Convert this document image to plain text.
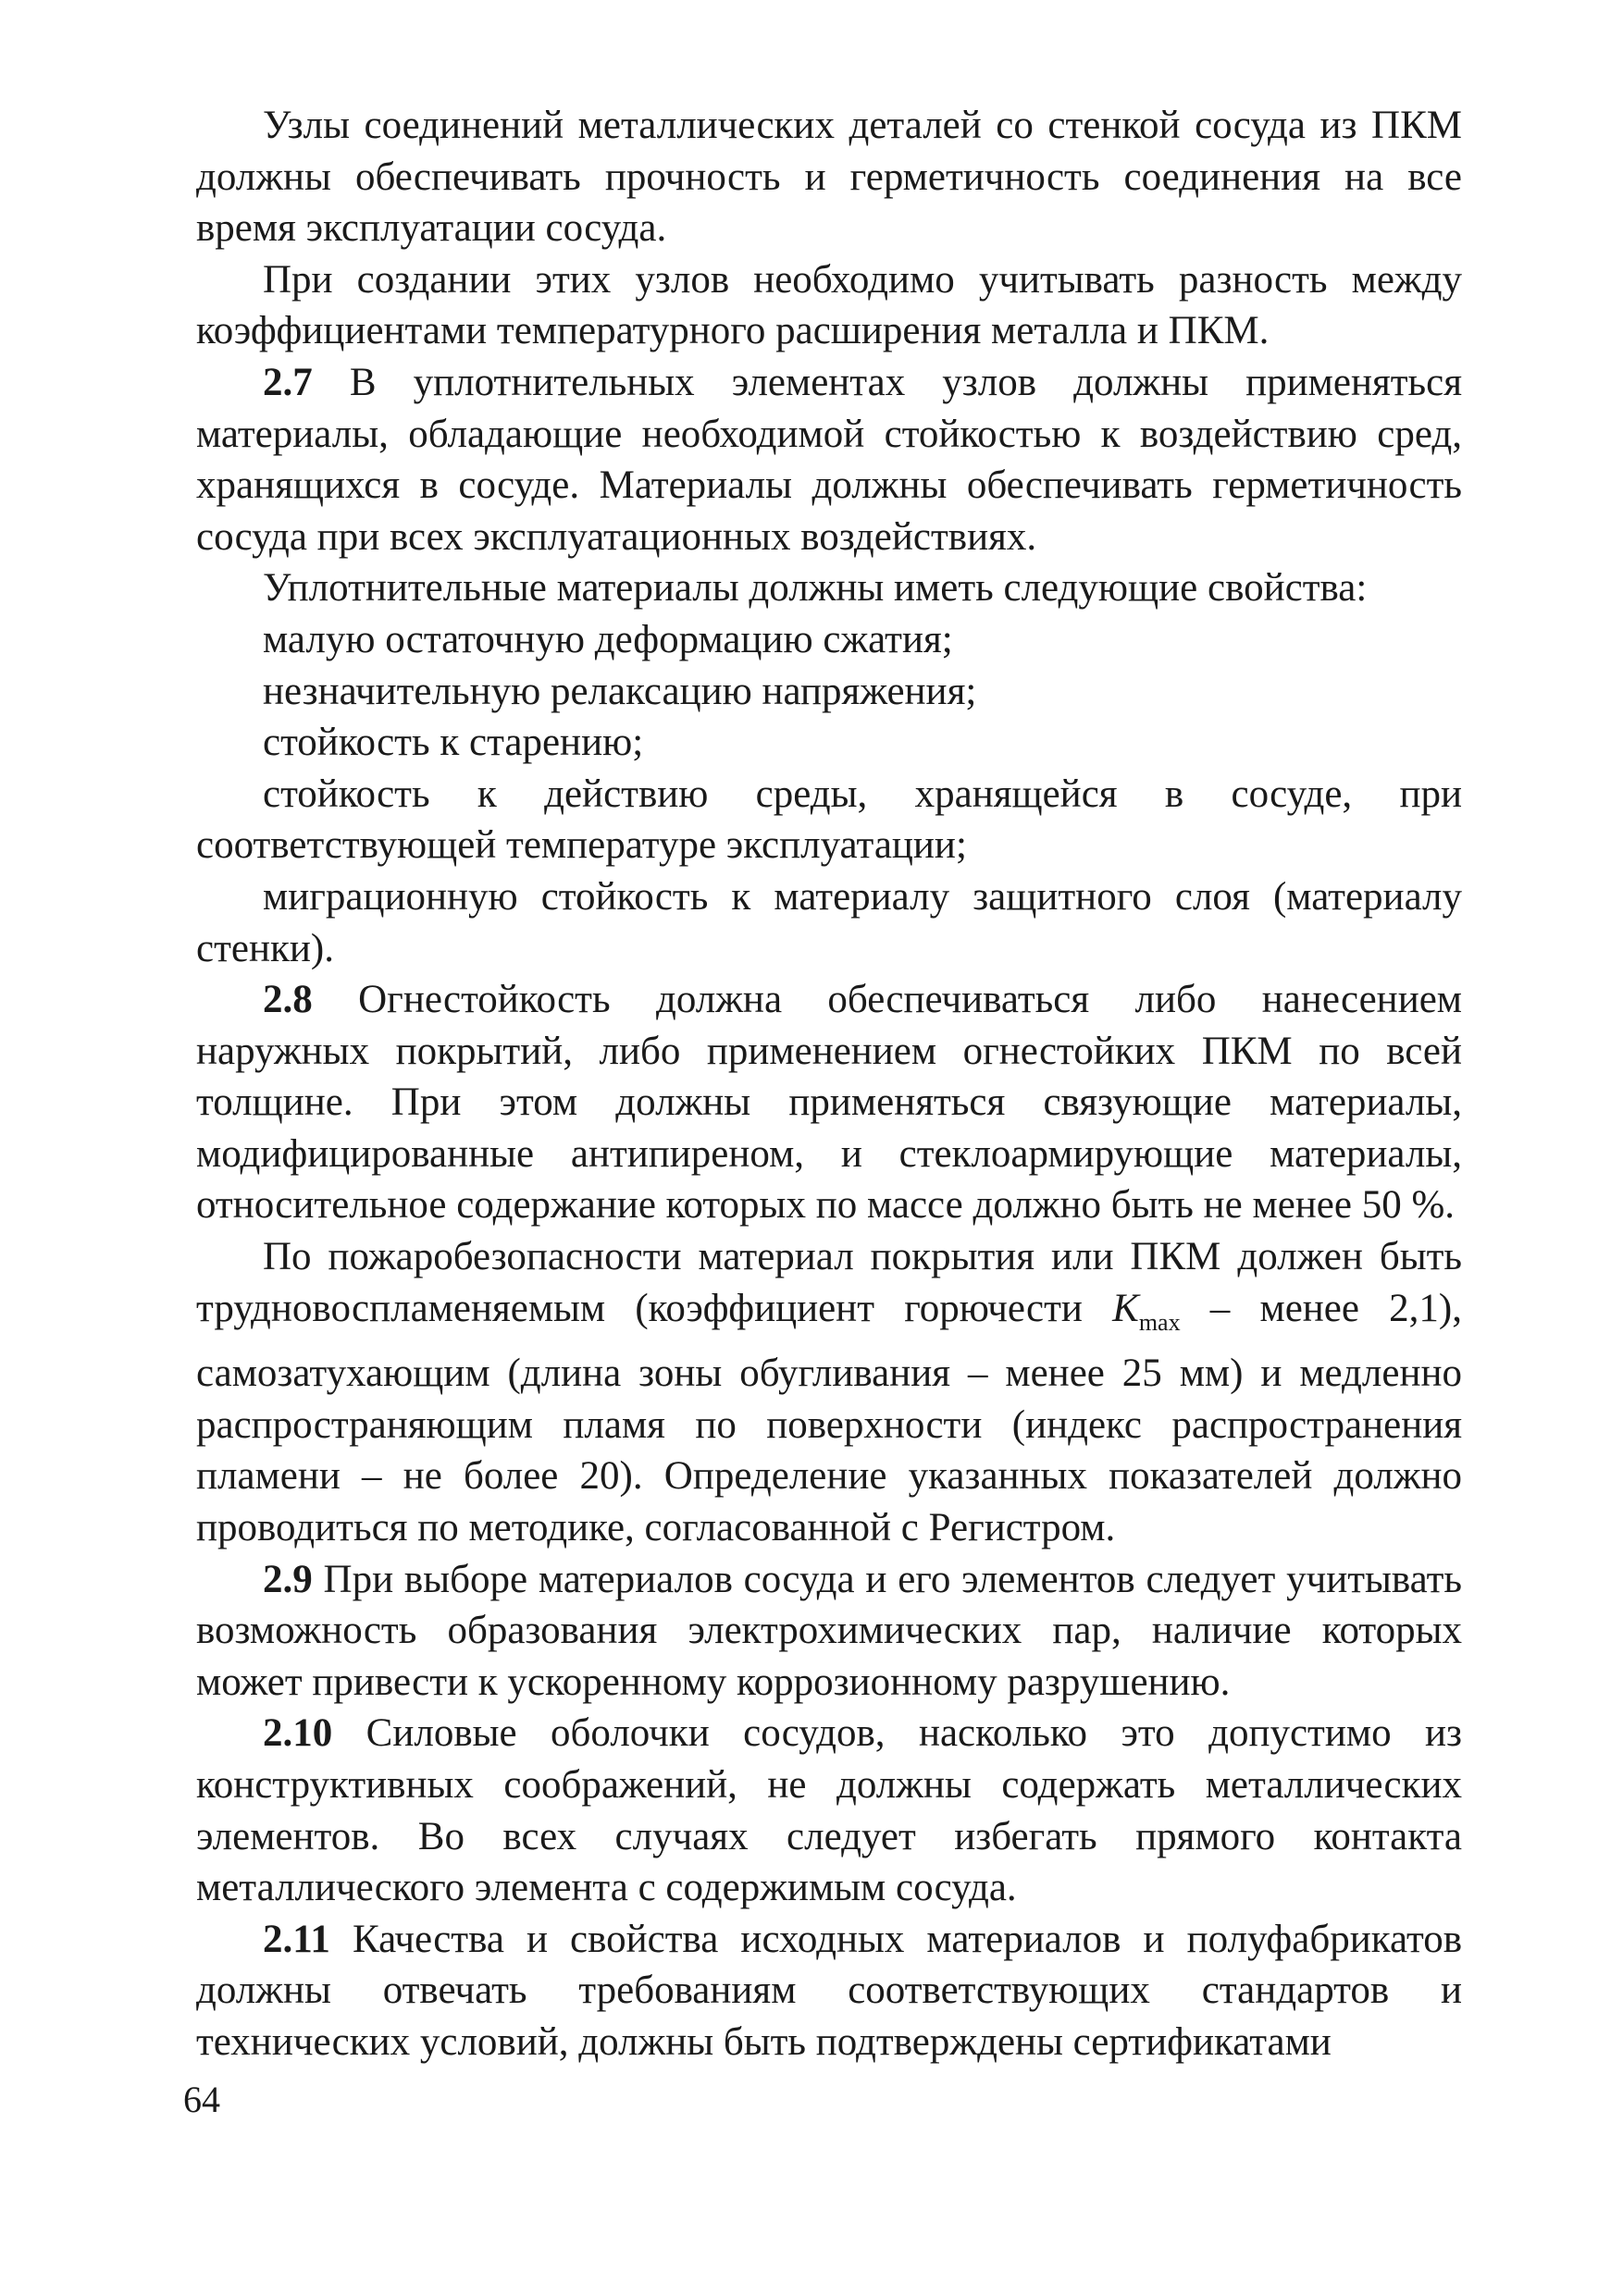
Узлы соединений металлических деталей со стенкой сосуда из ПКМ должны обеспечивать прочность и герметичность соединения на все время эксплуатации сосуда.

При создании этих узлов необходимо учитывать разность между коэффициентами температурного расширения металла и ПКМ.

2.7 В уплотнительных элементах узлов должны применяться материалы, обладающие необходимой стойкостью к воздействию сред, хранящихся в сосуде. Материалы должны обеспечивать герметичность сосуда при всех эксплуатационных воздействиях.

Уплотнительные материалы должны иметь следующие свойства:

малую остаточную деформацию сжатия;

незначительную релаксацию напряжения;

стойкость к старению;

стойкость к действию среды, хранящейся в сосуде, при соответствующей температуре эксплуатации;

миграционную стойкость к материалу защитного слоя (материалу стенки).

2.8 Огнестойкость должна обеспечиваться либо нанесением наружных покрытий, либо применением огнестойких ПКМ по всей толщине. При этом должны применяться связующие материалы, модифицированные антипиреном, и стеклоармирующие материалы, относительное содержание которых по массе должно быть не менее 50 %.

По пожаробезопасности материал покрытия или ПКМ должен быть трудновоспламеняемым (коэффициент горючести $K_{max}$ – менее 2,1), самозатухающим (длина зоны обугливания – менее 25 мм) и медленно распространяющим пламя по поверхности (индекс распространения пламени – не более 20). Определение указанных показателей должно проводиться по методике, согласованной с Регистром.

2.9 При выборе материалов сосуда и его элементов следует учитывать возможность образования электрохимических пар, наличие которых может привести к ускоренному коррозионному разрушению.

2.10 Силовые оболочки сосудов, насколько это допустимо из конструктивных соображений, не должны содержать металлических элементов. Во всех случаях следует избегать прямого контакта металлического элемента с содержимым сосуда.

2.11 Качества и свойства исходных материалов и полуфабрикатов должны отвечать требованиям соответствующих стандартов и технических условий, должны быть подтверждены сертификатами

64
